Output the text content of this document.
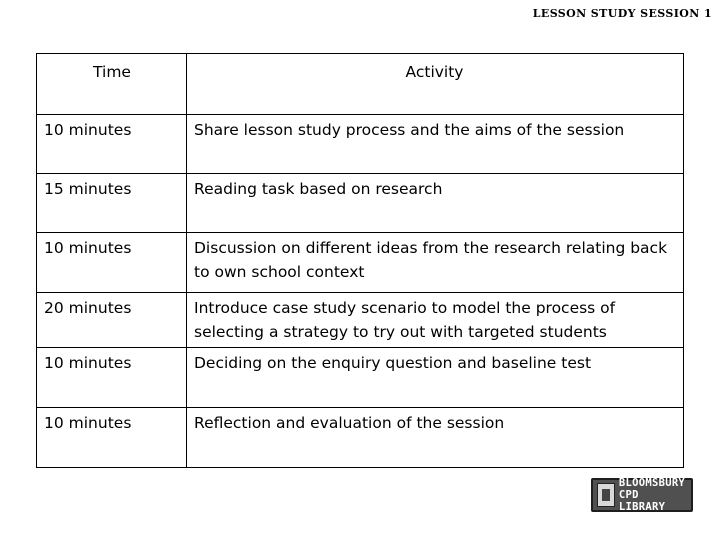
LESSON STUDY SESSION 1
Time	Activity
10 minutes	Share lesson study process and the aims of the session
15 minutes	Reading task based on research
10 minutes	Discussion on different ideas from the research relating back to own school context
20 minutes	Introduce case study scenario to model the process of selecting a strategy to try out with targeted students
10 minutes	Deciding on the enquiry question and baseline test
10 minutes	Reflection and evaluation of the session
BLOOMSBURY
CPD LIBRARY
